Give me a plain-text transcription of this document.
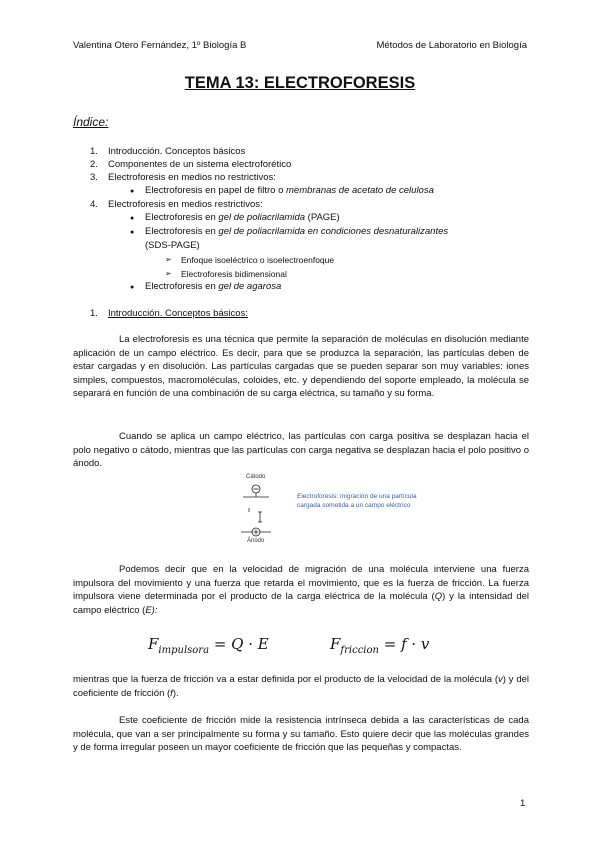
Valentina Otero Fernández, 1º Biología B	Métodos de Laboratorio en Biología
TEMA 13: ELECTROFORESIS
Índice:
1. Introducción. Conceptos básicos
2. Componentes de un sistema electroforético
3. Electroforesis en medios no restrictivos:
● Electroforesis en papel de filtro o membranas de acetato de celulosa
4. Electroforesis en medios restrictivos:
● Electroforesis en gel de poliacrilamida (PAGE)
● Electroforesis en gel de poliacrilamida en condiciones desnaturalizantes
(SDS-PAGE)
➢ Enfoque isoeléctrico o isoelectroenfoque
➢ Electroforesis bidimensional
● Electroforesis en gel de agarosa
1. Introducción. Conceptos básicos:
La electroforesis es una técnica que permite la separación de moléculas en disolución mediante aplicación de un campo eléctrico. Es decir, para que se produzca la separación, las partículas deben de estar cargadas y en disolución. Las partículas cargadas que se pueden separar son muy variables: iones simples, compuestos, macromoléculas, coloides, etc. y dependiendo del soporte empleado, la molécula se separará en función de una combinación de su carga eléctrica, su tamaño y su forma.
Cuando se aplica un campo eléctrico, las partículas con carga positiva se desplazan hacia el polo negativo o cátodo, mientras que las partículas con carga negativa se desplazan hacia el polo positivo o ánodo.
Cátodo
Ánodo
Electroforesis: migración de una partícula cargada sometida a un campo eléctrico
Podemos decir que en la velocidad de migración de una molécula interviene una fuerza impulsora del movimiento y una fuerza que retarda el movimiento, que es la fuerza de fricción. La fuerza impulsora viene determinada por el producto de la carga eléctrica de la molécula (Q) y la intensidad del campo eléctrico (E):
$F_{impulsora} = Q \cdot E$	$F_{friccion} = f \cdot v$
mientras que la fuerza de fricción va a estar definida por el producto de la velocidad de la molécula (v) y del coeficiente de fricción (f).
Este coeficiente de fricción mide la resistencia intrínseca debida a las características de cada molécula, que van a ser principalmente su forma y su tamaño. Esto quiere decir que las moléculas grandes y de forma irregular poseen un mayor coeficiente de fricción que las pequeñas y compactas.
1
